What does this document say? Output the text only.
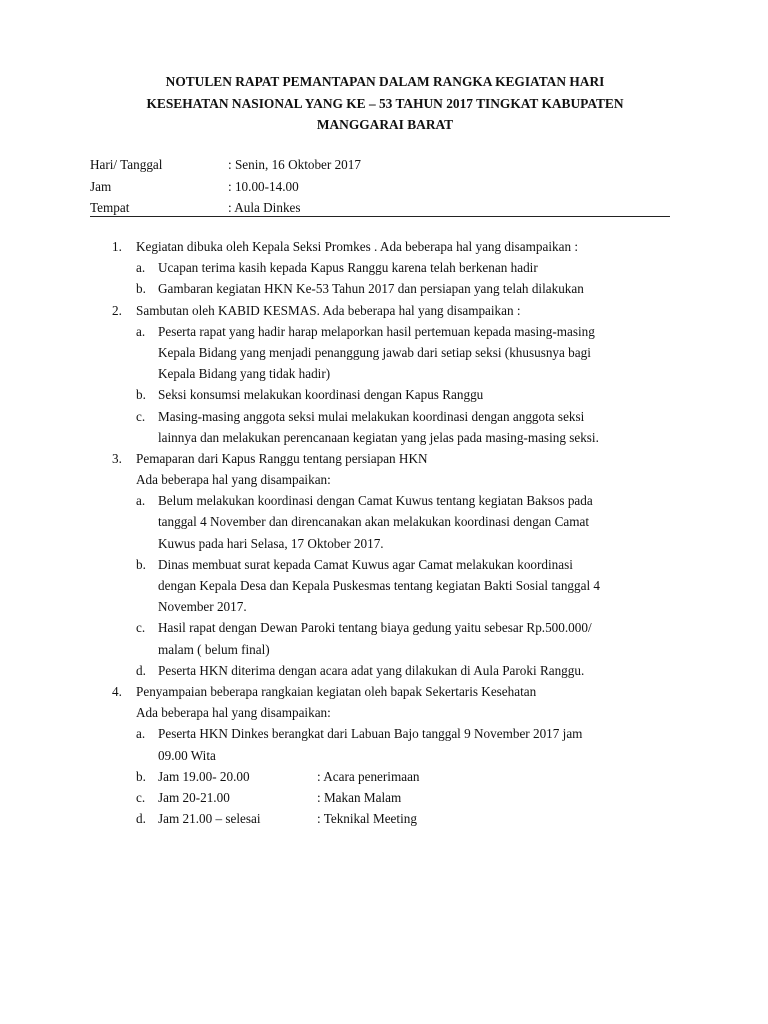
NOTULEN RAPAT PEMANTAPAN DALAM RANGKA KEGIATAN HARI
KESEHATAN NASIONAL YANG KE – 53 TAHUN 2017 TINGKAT KABUPATEN
MANGGARAI BARAT
Hari/ Tanggal	: Senin, 16 Oktober 2017
Jam	: 10.00-14.00
Tempat	: Aula Dinkes
1. Kegiatan dibuka oleh Kepala Seksi Promkes . Ada beberapa hal yang disampaikan :
a. Ucapan terima kasih kepada Kapus Ranggu karena telah berkenan hadir
b. Gambaran kegiatan HKN Ke-53 Tahun 2017 dan persiapan yang telah dilakukan
2. Sambutan oleh KABID KESMAS. Ada beberapa hal yang disampaikan :
a. Peserta rapat yang hadir harap melaporkan hasil pertemuan kepada masing-masing
Kepala Bidang yang menjadi penanggung jawab dari setiap seksi (khususnya bagi
Kepala Bidang yang tidak hadir)
b. Seksi konsumsi melakukan koordinasi dengan Kapus Ranggu
c. Masing-masing anggota seksi mulai melakukan koordinasi dengan anggota seksi
lainnya dan melakukan perencanaan kegiatan yang jelas pada masing-masing seksi.
3. Pemaparan dari Kapus Ranggu tentang persiapan HKN
Ada beberapa hal yang disampaikan:
a. Belum melakukan koordinasi dengan Camat Kuwus tentang kegiatan Baksos pada
tanggal 4 November dan direncanakan akan melakukan koordinasi dengan Camat
Kuwus pada hari Selasa, 17 Oktober 2017.
b. Dinas membuat surat kepada Camat Kuwus agar Camat melakukan koordinasi
dengan Kepala Desa dan Kepala Puskesmas tentang kegiatan Bakti Sosial tanggal 4
November 2017.
c. Hasil rapat dengan Dewan Paroki tentang biaya gedung yaitu sebesar Rp.500.000/
malam ( belum final)
d. Peserta HKN diterima dengan acara adat yang dilakukan di Aula Paroki Ranggu.
4. Penyampaian beberapa rangkaian kegiatan oleh bapak Sekertaris Kesehatan
Ada beberapa hal yang disampaikan:
a. Peserta HKN Dinkes berangkat dari Labuan Bajo tanggal 9 November 2017 jam
09.00 Wita
b. Jam 19.00- 20.00	: Acara penerimaan
c. Jam 20-21.00	: Makan Malam
d. Jam 21.00 – selesai	: Teknikal Meeting
